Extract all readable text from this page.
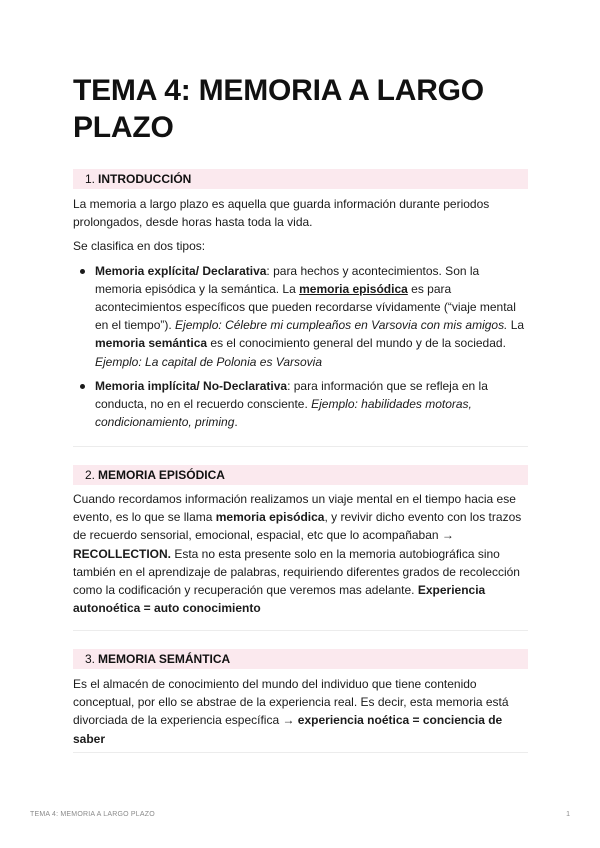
TEMA 4: MEMORIA A LARGO PLAZO
1. INTRODUCCIÓN

La memoria a largo plazo es aquella que guarda información durante periodos prolongados, desde horas hasta toda la vida.

Se clasifica en dos tipos:

Memoria explícita/ Declarativa: para hechos y acontecimientos. Son la memoria episódica y la semántica. La memoria episódica es para acontecimientos específicos que pueden recordarse vívidamente (“viaje mental en el tiempo”). Ejemplo: Célebre mi cumpleaños en Varsovia con mis amigos. La memoria semántica es el conocimiento general del mundo y de la sociedad. Ejemplo: La capital de Polonia es Varsovia
Memoria implícita/ No-Declarativa: para información que se refleja en la conducta, no en el recuerdo consciente. Ejemplo: habilidades motoras, condicionamiento, priming.
2. MEMORIA EPISÓDICA

Cuando recordamos información realizamos un viaje mental en el tiempo hacia ese evento, es lo que se llama memoria episódica, y revivir dicho evento con los trazos de recuerdo sensorial, emocional, espacial, etc que lo acompañaban → RECOLLECTION. Esta no esta presente solo en la memoria autobiográfica sino también en el aprendizaje de palabras, requiriendo diferentes grados de recolección como la codificación y recuperación que veremos mas adelante. Experiencia autonoética = auto conocimiento

3. MEMORIA SEMÁNTICA

Es el almacén de conocimiento del mundo del individuo que tiene contenido conceptual, por ello se abstrae de la experiencia real. Es decir, esta memoria está divorciada de la experiencia específica → experiencia noética = conciencia de saber

TEMA 4: MEMORIA A LARGO PLAZO	1
